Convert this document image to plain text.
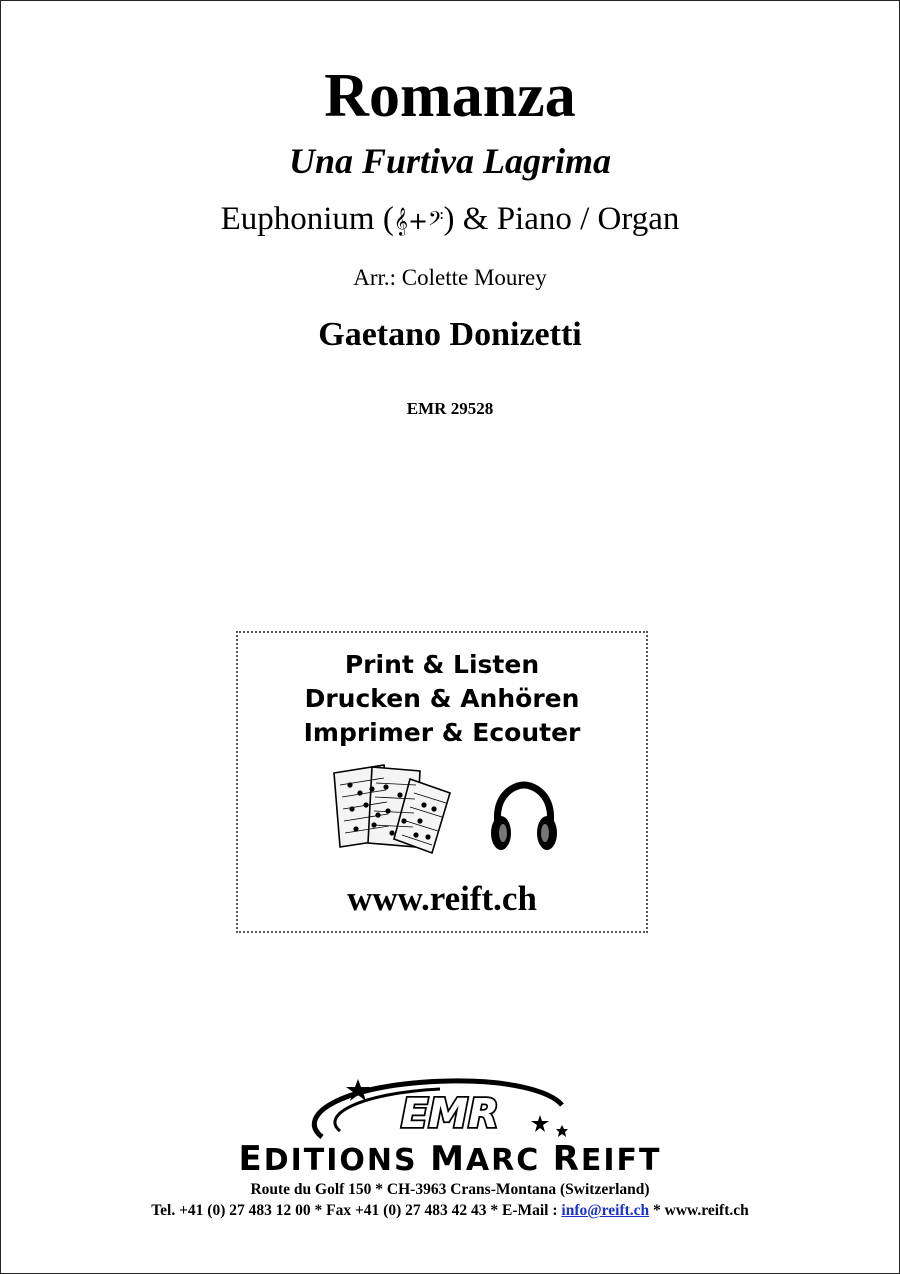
Romanza
Una Furtiva Lagrima
Euphonium (𝄞+𝄢) & Piano / Organ
Arr.: Colette Mourey
Gaetano Donizetti
EMR 29528
Print & Listen
Drucken & Anhören
Imprimer & Ecouter
www.reift.ch
EMR
EDITIONS MARC REIFT
Route du Golf 150 * CH-3963 Crans-Montana (Switzerland)
Tel. +41 (0) 27 483 12 00 * Fax +41 (0) 27 483 42 43 * E-Mail : info@reift.ch * www.reift.ch
